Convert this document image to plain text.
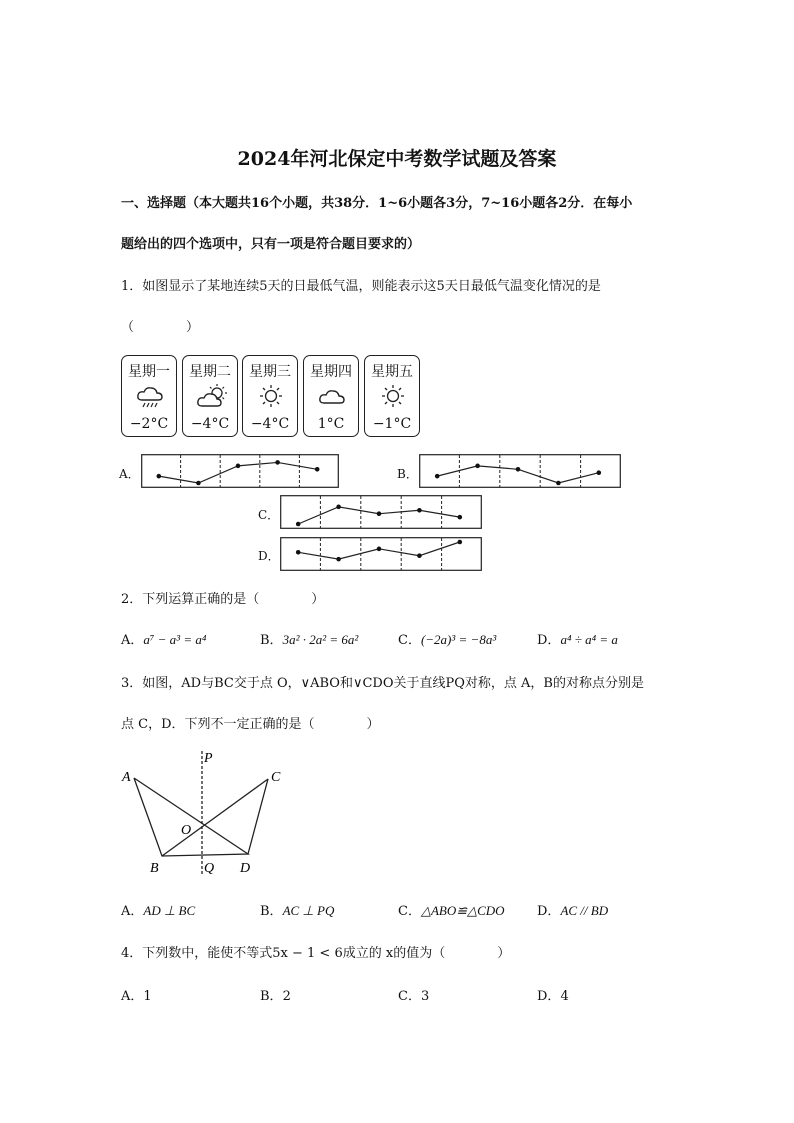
2024年河北保定中考数学试题及答案
一、选择题（本大题共16个小题，共38分．1~6小题各3分，7~16小题各2分．在每小
题给出的四个选项中，只有一项是符合题目要求的）
1．如图显示了某地连续5天的日最低气温，则能表示这5天日最低气温变化情况的是
（　　　　）
星期一
−2°C
星期二
−4°C
星期三
−4°C
星期四
1°C
星期五
−1°C
A．	B．
C．
D．
2．下列运算正确的是（　　　　）
A．a⁷ − a³ = a⁴	B．3a² · 2a² = 6a²	C．(−2a)³ = −8a³	D．a⁴ ÷ a⁴ = a
3．如图，AD与BC交于点 O，∨ABO和∨CDO关于直线PQ对称，点 A，B的对称点分别是
点 C，D．下列不一定正确的是（　　　　）
A
B
C
D
O
P
Q
A．AD ⊥ BC	B．AC ⊥ PQ	C．△ABO≌△CDO D．AC // BD
4．下列数中，能使不等式5x − 1 < 6成立的 x的值为（　　　　）
A．1	B．2	C．3	D．4
